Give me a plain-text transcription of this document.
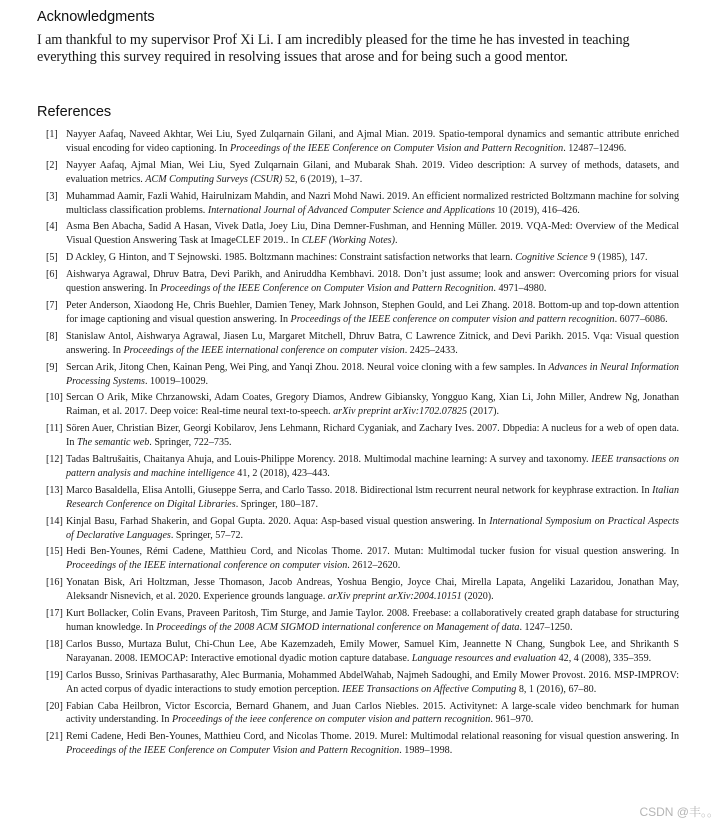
Acknowledgments

I am thankful to my supervisor Prof Xi Li. I am incredibly pleased for the time he has invested in teaching everything this survey required in resolving issues that arose and for being such a good mentor.

References
[1] Nayyer Aafaq, Naveed Akhtar, Wei Liu, Syed Zulqarnain Gilani, and Ajmal Mian. 2019. Spatio-temporal dynamics and semantic attribute enriched visual encoding for video captioning. In Proceedings of the IEEE Conference on Computer Vision and Pattern Recognition. 12487–12496.
[2] Nayyer Aafaq, Ajmal Mian, Wei Liu, Syed Zulqarnain Gilani, and Mubarak Shah. 2019. Video description: A survey of methods, datasets, and evaluation metrics. ACM Computing Surveys (CSUR) 52, 6 (2019), 1–37.
[3] Muhammad Aamir, Fazli Wahid, Hairulnizam Mahdin, and Nazri Mohd Nawi. 2019. An efficient normalized restricted Boltzmann machine for solving multiclass classification problems. International Journal of Advanced Computer Science and Applications 10 (2019), 416–426.
[4] Asma Ben Abacha, Sadid A Hasan, Vivek Datla, Joey Liu, Dina Demner-Fushman, and Henning Müller. 2019. VQA-Med: Overview of the Medical Visual Question Answering Task at ImageCLEF 2019.. In CLEF (Working Notes).
[5] D Ackley, G Hinton, and T Sejnowski. 1985. Boltzmann machines: Constraint satisfaction networks that learn. Cognitive Science 9 (1985), 147.
[6] Aishwarya Agrawal, Dhruv Batra, Devi Parikh, and Aniruddha Kembhavi. 2018. Don’t just assume; look and answer: Overcoming priors for visual question answering. In Proceedings of the IEEE Conference on Computer Vision and Pattern Recognition. 4971–4980.
[7] Peter Anderson, Xiaodong He, Chris Buehler, Damien Teney, Mark Johnson, Stephen Gould, and Lei Zhang. 2018. Bottom-up and top-down attention for image captioning and visual question answering. In Proceedings of the IEEE conference on computer vision and pattern recognition. 6077–6086.
[8] Stanislaw Antol, Aishwarya Agrawal, Jiasen Lu, Margaret Mitchell, Dhruv Batra, C Lawrence Zitnick, and Devi Parikh. 2015. Vqa: Visual question answering. In Proceedings of the IEEE international conference on computer vision. 2425–2433.
[9] Sercan Arik, Jitong Chen, Kainan Peng, Wei Ping, and Yanqi Zhou. 2018. Neural voice cloning with a few samples. In Advances in Neural Information Processing Systems. 10019–10029.
[10] Sercan O Arik, Mike Chrzanowski, Adam Coates, Gregory Diamos, Andrew Gibiansky, Yongguo Kang, Xian Li, John Miller, Andrew Ng, Jonathan Raiman, et al. 2017. Deep voice: Real-time neural text-to-speech. arXiv preprint arXiv:1702.07825 (2017).
[11] Sören Auer, Christian Bizer, Georgi Kobilarov, Jens Lehmann, Richard Cyganiak, and Zachary Ives. 2007. Dbpedia: A nucleus for a web of open data. In The semantic web. Springer, 722–735.
[12] Tadas Baltrušaitis, Chaitanya Ahuja, and Louis-Philippe Morency. 2018. Multimodal machine learning: A survey and taxonomy. IEEE transactions on pattern analysis and machine intelligence 41, 2 (2018), 423–443.
[13] Marco Basaldella, Elisa Antolli, Giuseppe Serra, and Carlo Tasso. 2018. Bidirectional lstm recurrent neural network for keyphrase extraction. In Italian Research Conference on Digital Libraries. Springer, 180–187.
[14] Kinjal Basu, Farhad Shakerin, and Gopal Gupta. 2020. Aqua: Asp-based visual question answering. In International Symposium on Practical Aspects of Declarative Languages. Springer, 57–72.
[15] Hedi Ben-Younes, Rémi Cadene, Matthieu Cord, and Nicolas Thome. 2017. Mutan: Multimodal tucker fusion for visual question answering. In Proceedings of the IEEE international conference on computer vision. 2612–2620.
[16] Yonatan Bisk, Ari Holtzman, Jesse Thomason, Jacob Andreas, Yoshua Bengio, Joyce Chai, Mirella Lapata, Angeliki Lazaridou, Jonathan May, Aleksandr Nisnevich, et al. 2020. Experience grounds language. arXiv preprint arXiv:2004.10151 (2020).
[17] Kurt Bollacker, Colin Evans, Praveen Paritosh, Tim Sturge, and Jamie Taylor. 2008. Freebase: a collaboratively created graph database for structuring human knowledge. In Proceedings of the 2008 ACM SIGMOD international conference on Management of data. 1247–1250.
[18] Carlos Busso, Murtaza Bulut, Chi-Chun Lee, Abe Kazemzadeh, Emily Mower, Samuel Kim, Jeannette N Chang, Sungbok Lee, and Shrikanth S Narayanan. 2008. IEMOCAP: Interactive emotional dyadic motion capture database. Language resources and evaluation 42, 4 (2008), 335–359.
[19] Carlos Busso, Srinivas Parthasarathy, Alec Burmania, Mohammed AbdelWahab, Najmeh Sadoughi, and Emily Mower Provost. 2016. MSP-IMPROV: An acted corpus of dyadic interactions to study emotion perception. IEEE Transactions on Affective Computing 8, 1 (2016), 67–80.
[20] Fabian Caba Heilbron, Victor Escorcia, Bernard Ghanem, and Juan Carlos Niebles. 2015. Activitynet: A large-scale video benchmark for human activity understanding. In Proceedings of the ieee conference on computer vision and pattern recognition. 961–970.
[21] Remi Cadene, Hedi Ben-Younes, Matthieu Cord, and Nicolas Thome. 2019. Murel: Multimodal relational reasoning for visual question answering. In Proceedings of the IEEE Conference on Computer Vision and Pattern Recognition. 1989–1998.
CSDN @丰。。
